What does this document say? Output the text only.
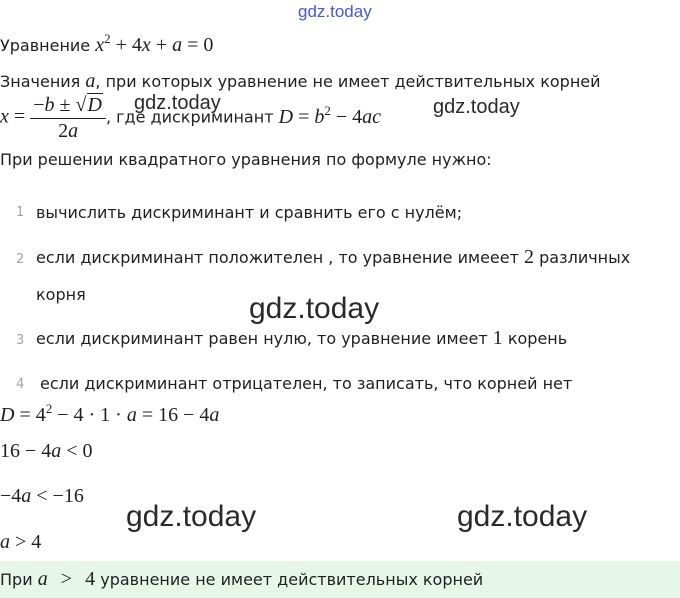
gdz.today
Уравнение $x^2 + 4x + a = 0$
Значения a, при которых уравнение не имеет действительных корней
$x = \frac{-b \pm √D}{2a}$ , где дискриминант $D = b^2 - 4ac$
gdz.today	gdz.today
При решении квадратного уравнения по формуле нужно:
1 вычислить дискриминант и сравнить его с нулём;
2 если дискриминант положителен , то уравнение имееет 2 различных
корня	gdz.today
3 если дискриминант равен нулю, то уравнение имеет 1 корень
4 если дискриминант отрицателен, то записать, что корней нет
$D = 4^2 - 4 \cdot 1 \cdot a = 16 - 4a$
16 − 4a < 0
−4a < −16
gdz.today	gdz.today
a > 4
При a > 4 уравнение не имеет действительных корней
